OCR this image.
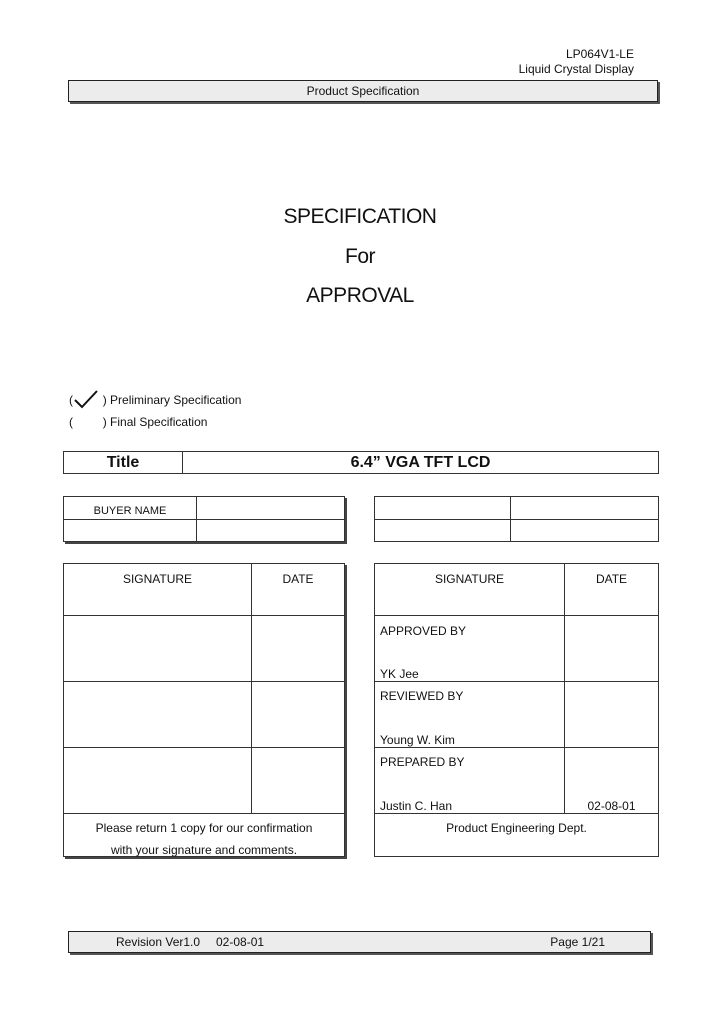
LP064V1-LE
Liquid Crystal Display
Product Specification
SPECIFICATION
For
APPROVAL
( ) Preliminary Specification
( ) Final Specification
Title	6.4” VGA TFT LCD
BUYER NAME
SIGNATURE	DATE
Please return 1 copy for our confirmation
with your signature and comments.
SIGNATURE	DATE
APPROVED BY
YK Jee
REVIEWED BY
Young W. Kim
PREPARED BY
Justin C. Han	02-08-01
Product Engineering Dept.
Revision Ver1.0 02-08-01	Page 1/21
